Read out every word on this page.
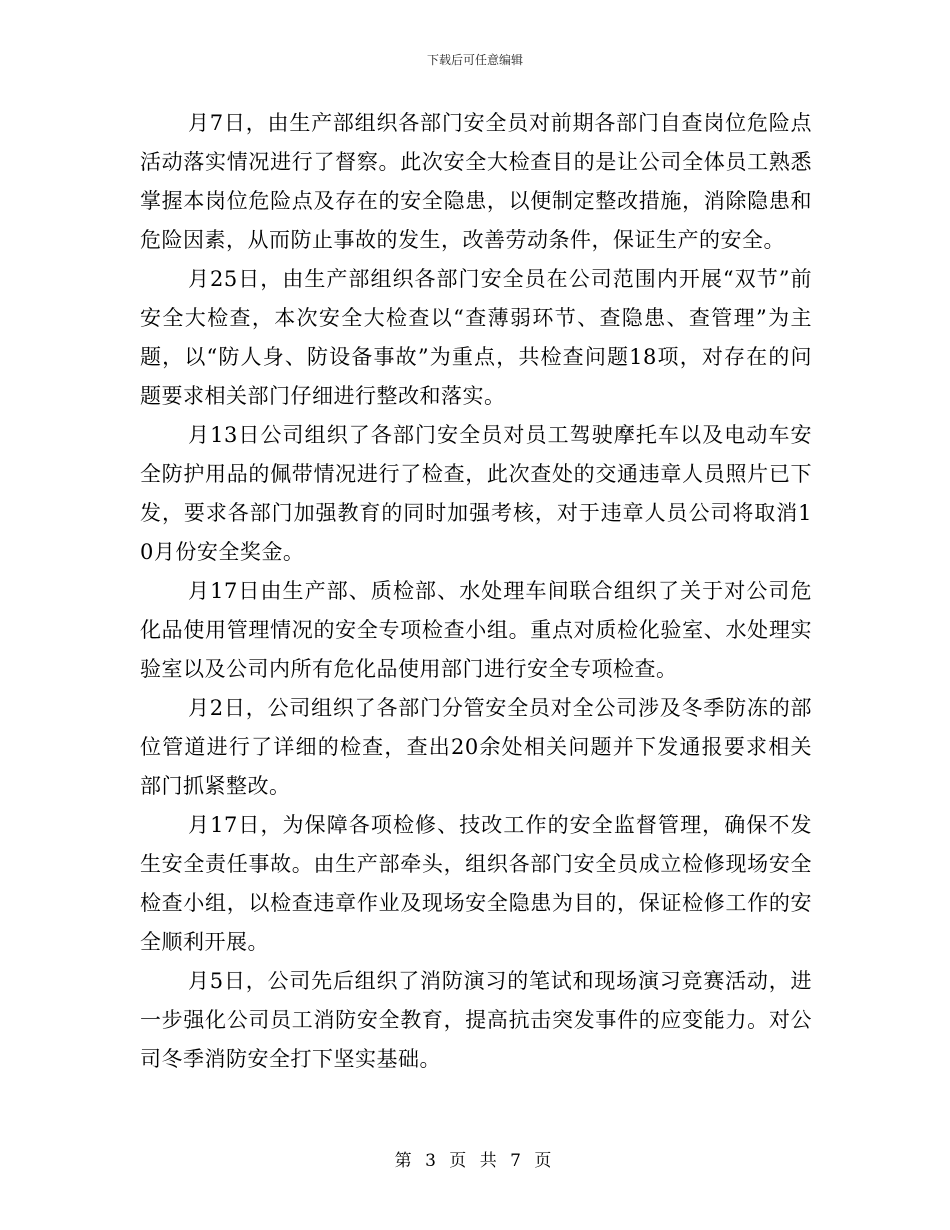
下载后可任意编辑

月7日，由生产部组织各部门安全员对前期各部门自查岗位危险点活动落实情况进行了督察。此次安全大检查目的是让公司全体员工熟悉掌握本岗位危险点及存在的安全隐患，以便制定整改措施，消除隐患和危险因素，从而防止事故的发生，改善劳动条件，保证生产的安全。

月25日，由生产部组织各部门安全员在公司范围内开展“双节”前安全大检查，本次安全大检查以“查薄弱环节、查隐患、查管理”为主题，以“防人身、防设备事故”为重点，共检查问题18项，对存在的问题要求相关部门仔细进行整改和落实。

月13日公司组织了各部门安全员对员工驾驶摩托车以及电动车安全防护用品的佩带情况进行了检查，此次查处的交通违章人员照片已下发，要求各部门加强教育的同时加强考核，对于违章人员公司将取消10月份安全奖金。

月17日由生产部、质检部、水处理车间联合组织了关于对公司危化品使用管理情况的安全专项检查小组。重点对质检化验室、水处理实验室以及公司内所有危化品使用部门进行安全专项检查。

月2日，公司组织了各部门分管安全员对全公司涉及冬季防冻的部位管道进行了详细的检查，查出20余处相关问题并下发通报要求相关部门抓紧整改。

月17日，为保障各项检修、技改工作的安全监督管理，确保不发生安全责任事故。由生产部牵头，组织各部门安全员成立检修现场安全检查小组，以检查违章作业及现场安全隐患为目的，保证检修工作的安全顺利开展。

月5日，公司先后组织了消防演习的笔试和现场演习竞赛活动，进一步强化公司员工消防安全教育，提高抗击突发事件的应变能力。对公司冬季消防安全打下坚实基础。

第 3 页 共 7 页
